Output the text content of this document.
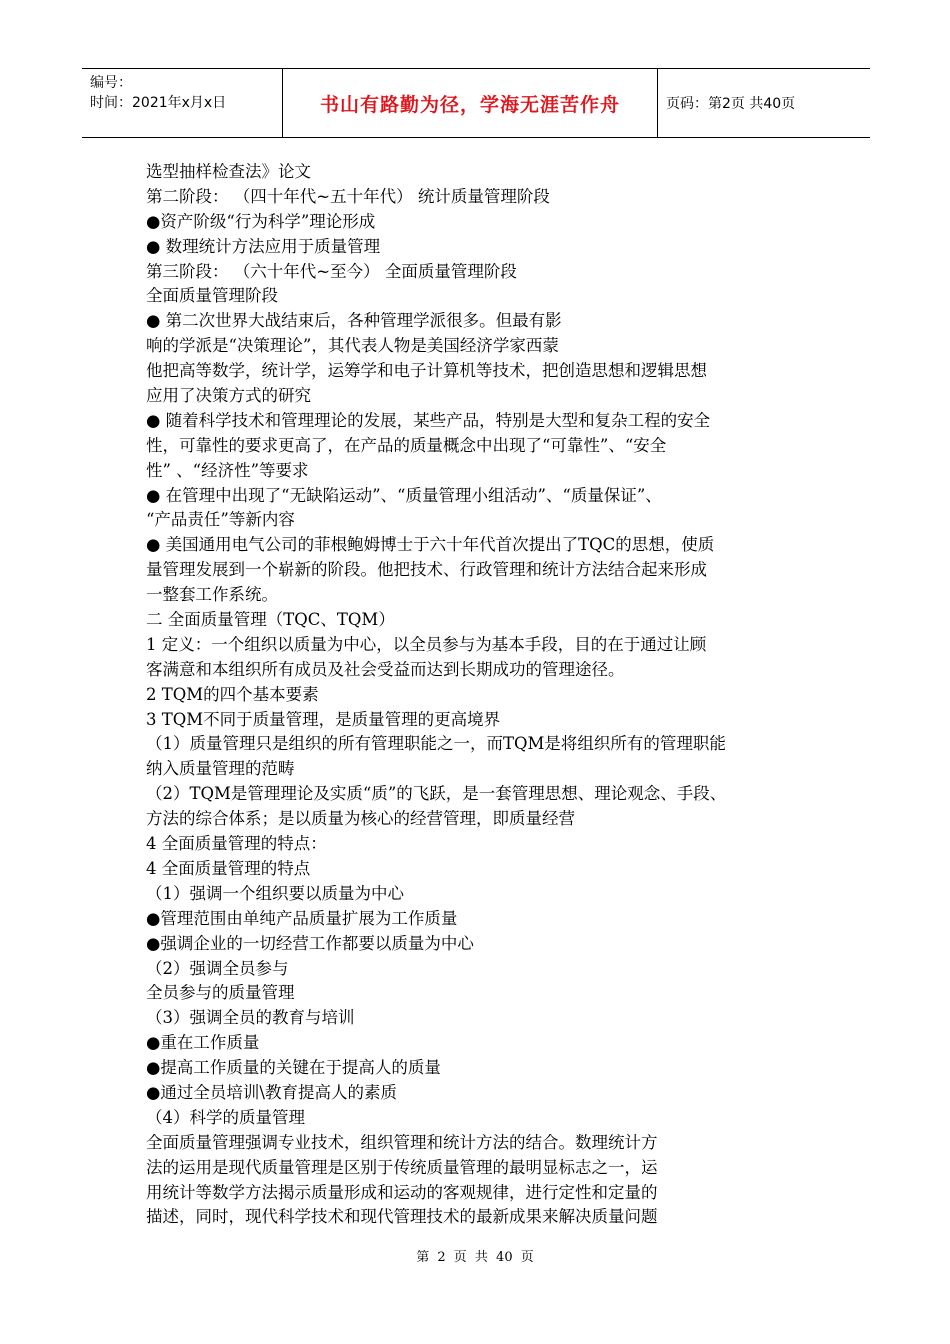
编号：
时间：2021年x月x日	书山有路勤为径，学海无涯苦作舟	页码：第2页 共40页
选型抽样检查法》论文
第二阶段： （四十年代~五十年代） 统计质量管理阶段
●资产阶级“行为科学”理论形成
● 数理统计方法应用于质量管理
第三阶段： （六十年代~至今） 全面质量管理阶段
全面质量管理阶段
● 第二次世界大战结束后，各种管理学派很多。但最有影
响的学派是“决策理论”，其代表人物是美国经济学家西蒙
他把高等数学，统计学，运筹学和电子计算机等技术，把创造思想和逻辑思想
应用了决策方式的研究
● 随着科学技术和管理理论的发展，某些产品，特别是大型和复杂工程的安全
性，可靠性的要求更高了，在产品的质量概念中出现了“可靠性”、“安全
性” 、“经济性”等要求
● 在管理中出现了“无缺陷运动”、“质量管理小组活动”、“质量保证”、
“产品责任”等新内容
● 美国通用电气公司的菲根鲍姆博士于六十年代首次提出了TQC的思想，使质
量管理发展到一个崭新的阶段。他把技术、行政管理和统计方法结合起来形成
一整套工作系统。
二 全面质量管理（TQC、TQM）
1 定义：一个组织以质量为中心，以全员参与为基本手段，目的在于通过让顾
客满意和本组织所有成员及社会受益而达到长期成功的管理途径。
2 TQM的四个基本要素
3 TQM不同于质量管理，是质量管理的更高境界
（1）质量管理只是组织的所有管理职能之一，而TQM是将组织所有的管理职能
纳入质量管理的范畴
（2）TQM是管理理论及实质“质”的飞跃，是一套管理思想、理论观念、手段、
方法的综合体系；是以质量为核心的经营管理，即质量经营
4 全面质量管理的特点：
4 全面质量管理的特点
（1）强调一个组织要以质量为中心
●管理范围由单纯产品质量扩展为工作质量
●强调企业的一切经营工作都要以质量为中心
（2）强调全员参与
全员参与的质量管理
（3）强调全员的教育与培训
●重在工作质量
●提高工作质量的关键在于提高人的质量
●通过全员培训\教育提高人的素质
（4）科学的质量管理
全面质量管理强调专业技术，组织管理和统计方法的结合。数理统计方
法的运用是现代质量管理是区别于传统质量管理的最明显标志之一，运
用统计等数学方法揭示质量形成和运动的客观规律，进行定性和定量的
描述，同时，现代科学技术和现代管理技术的最新成果来解决质量问题
第 2 页 共 40 页
